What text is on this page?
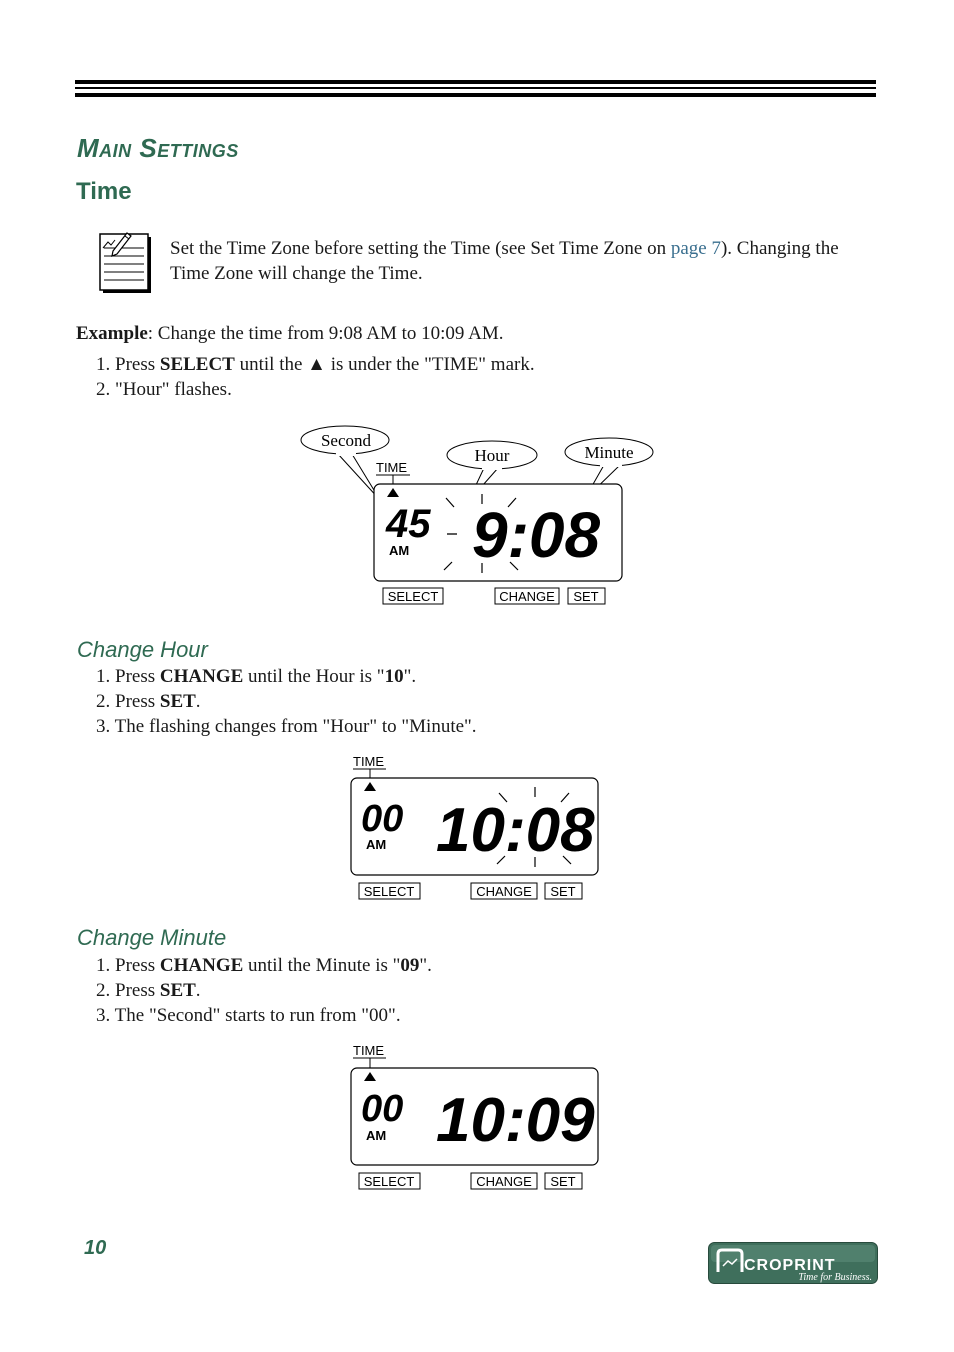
Main Settings
Time
Set the Time Zone before setting the Time (see Set Time Zone on page 7). Changing the Time Zone will change the Time.
Example: Change the time from 9:08 AM to 10:09 AM.
1. Press SELECT until the ▲ is under the "TIME" mark.
2. "Hour" flashes.
Second
Hour	Minute
TIME
45
AM 9:08
SELECT	CHANGE SET
Change Hour
1. Press CHANGE until the Hour is "10".
2. Press SET.
3. The flashing changes from "Hour" to "Minute".
TIME
00
AM 10:08
SELECT	CHANGE SET
Change Minute
1. Press CHANGE until the Minute is "09".
2. Press SET.
3. The "Second" starts to run from "00".
TIME
00
AM 10:09
SELECT	CHANGE SET
10
CROPRINT
Time for Business.
